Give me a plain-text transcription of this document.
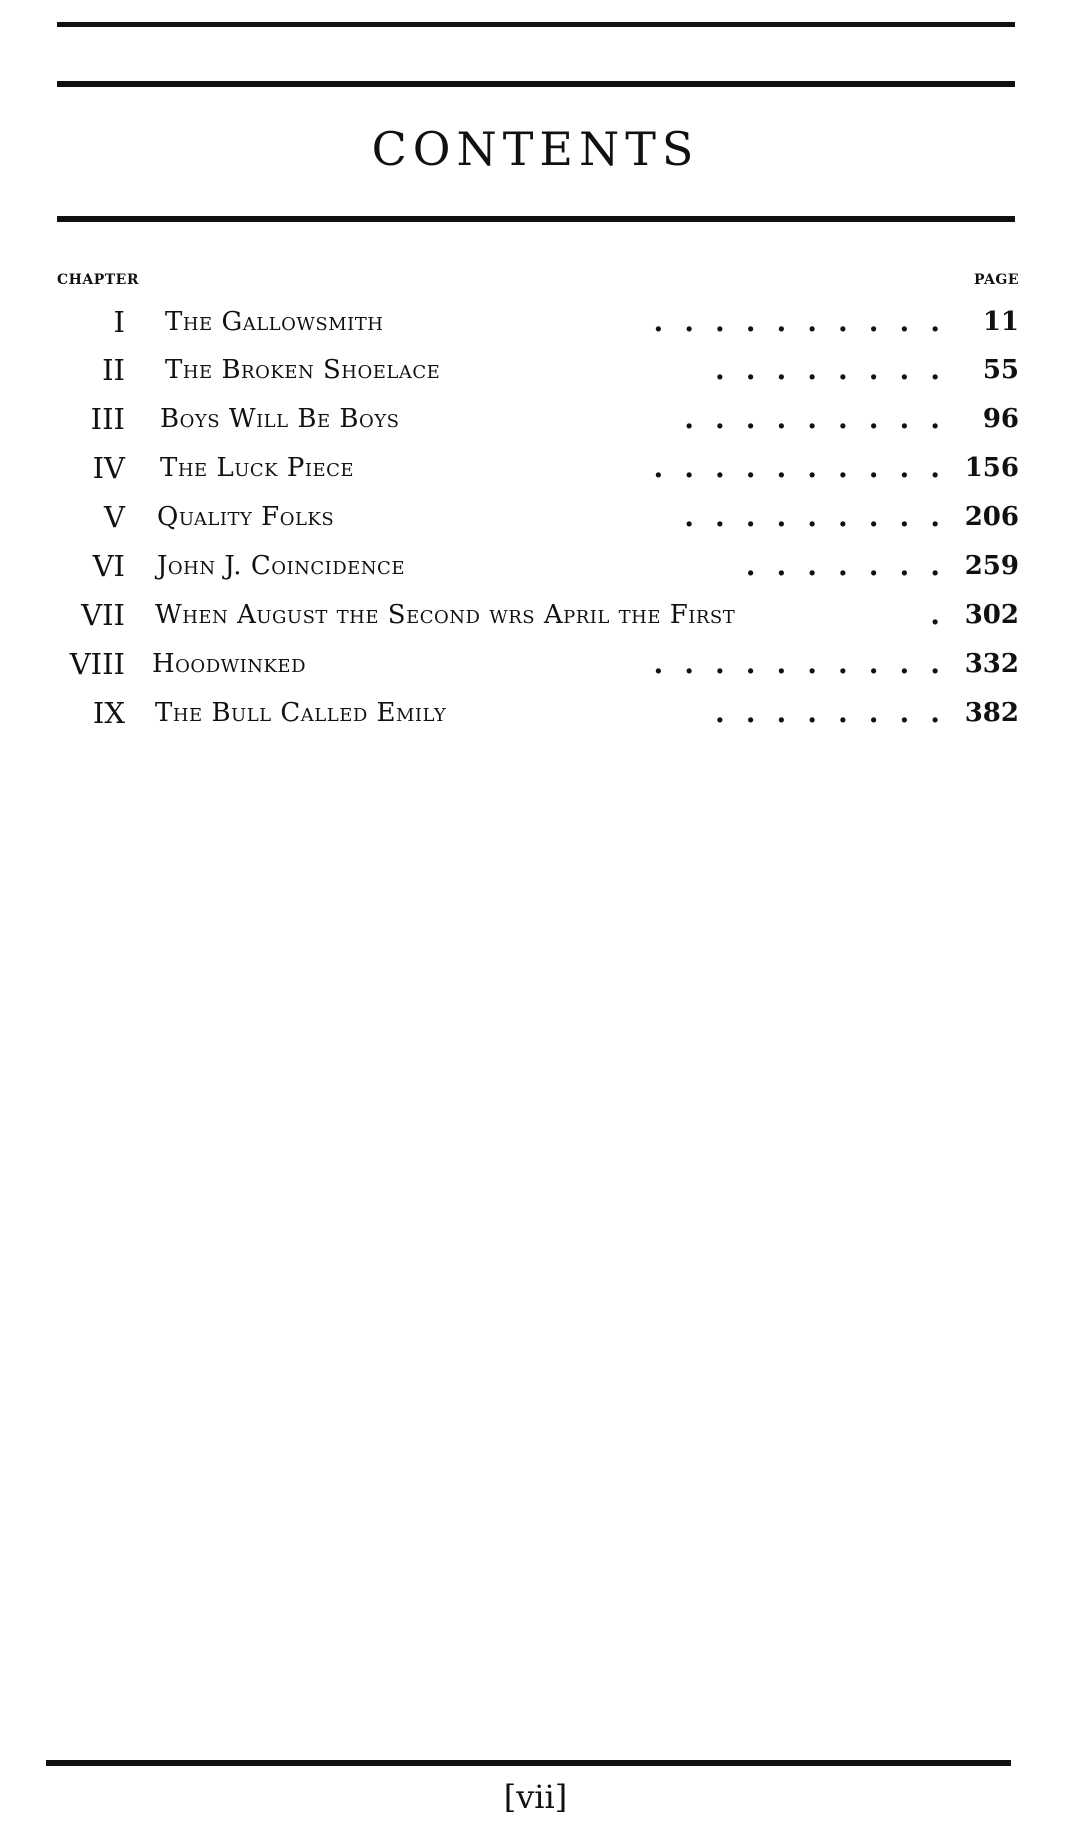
CONTENTS
CHAPTER	PAGE
I The Gallowsmith	.......... 11
II The Broken Shoelace	........ 55
III Boys Will Be Boys	......... 96
IV The Luck Piece	.......... 156
V Quality Folks	......... 206
VI John J. Coincidence	....... 259
VII When August the Second wrs April the First	. 302
VIII Hoodwinked	.......... 332
IX The Bull Called Emily	........ 382
[vii]
